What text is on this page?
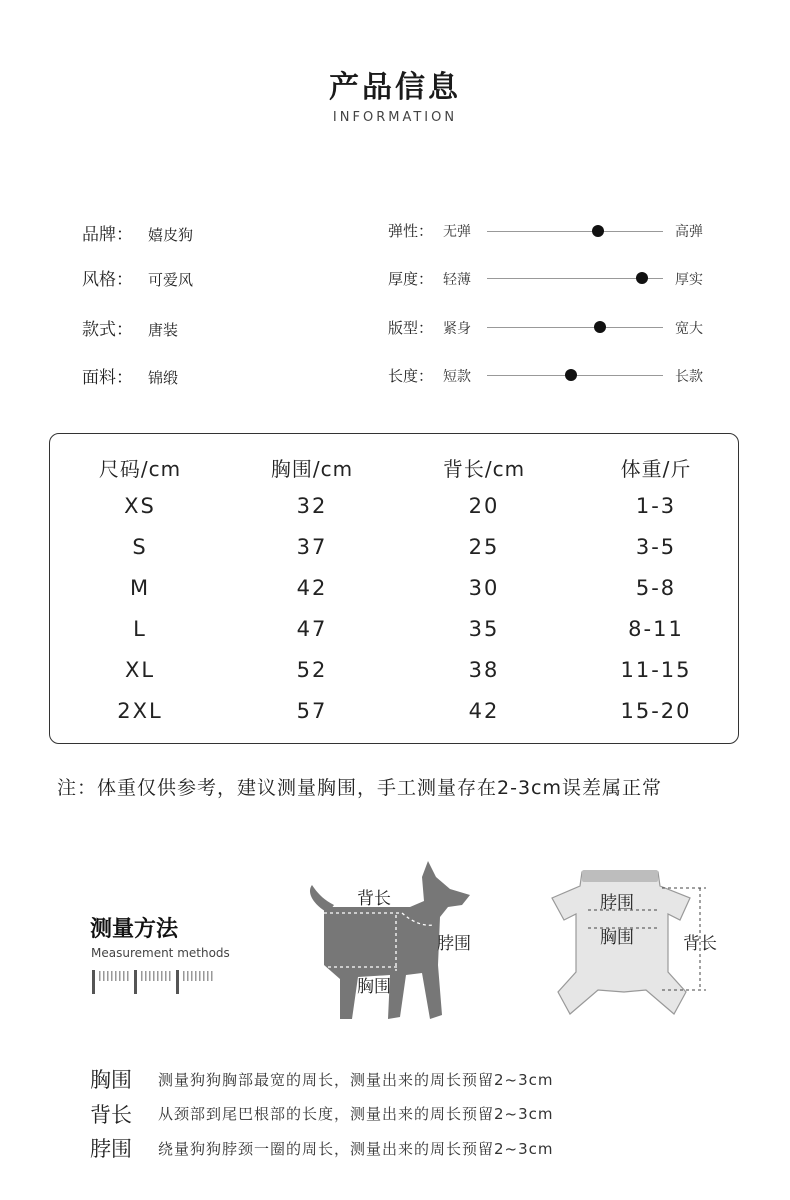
产品信息
INFORMATION
品牌： 嬉皮狗
风格： 可爱风
款式： 唐装
面料： 锦缎
弹性： 无弹	高弹
厚度： 轻薄	厚实
版型： 紧身	宽大
长度： 短款	长款
尺码/cm	胸围/cm	背长/cm	体重/斤
XS	32	20	1-3
S	37	25	3-5
M	42	30	5-8
L	47	35	8-11
XL	52	38	11-15
2XL	57	42	15-20
注：体重仅供参考，建议测量胸围，手工测量存在2-3cm误差属正常
测量方法
Measurement methods
背长
脖围
胸围
脖围
胸围	背长
胸围 测量狗狗胸部最宽的周长，测量出来的周长预留2~3cm
背长 从颈部到尾巴根部的长度，测量出来的周长预留2~3cm
脖围 绕量狗狗脖颈一圈的周长，测量出来的周长预留2~3cm
